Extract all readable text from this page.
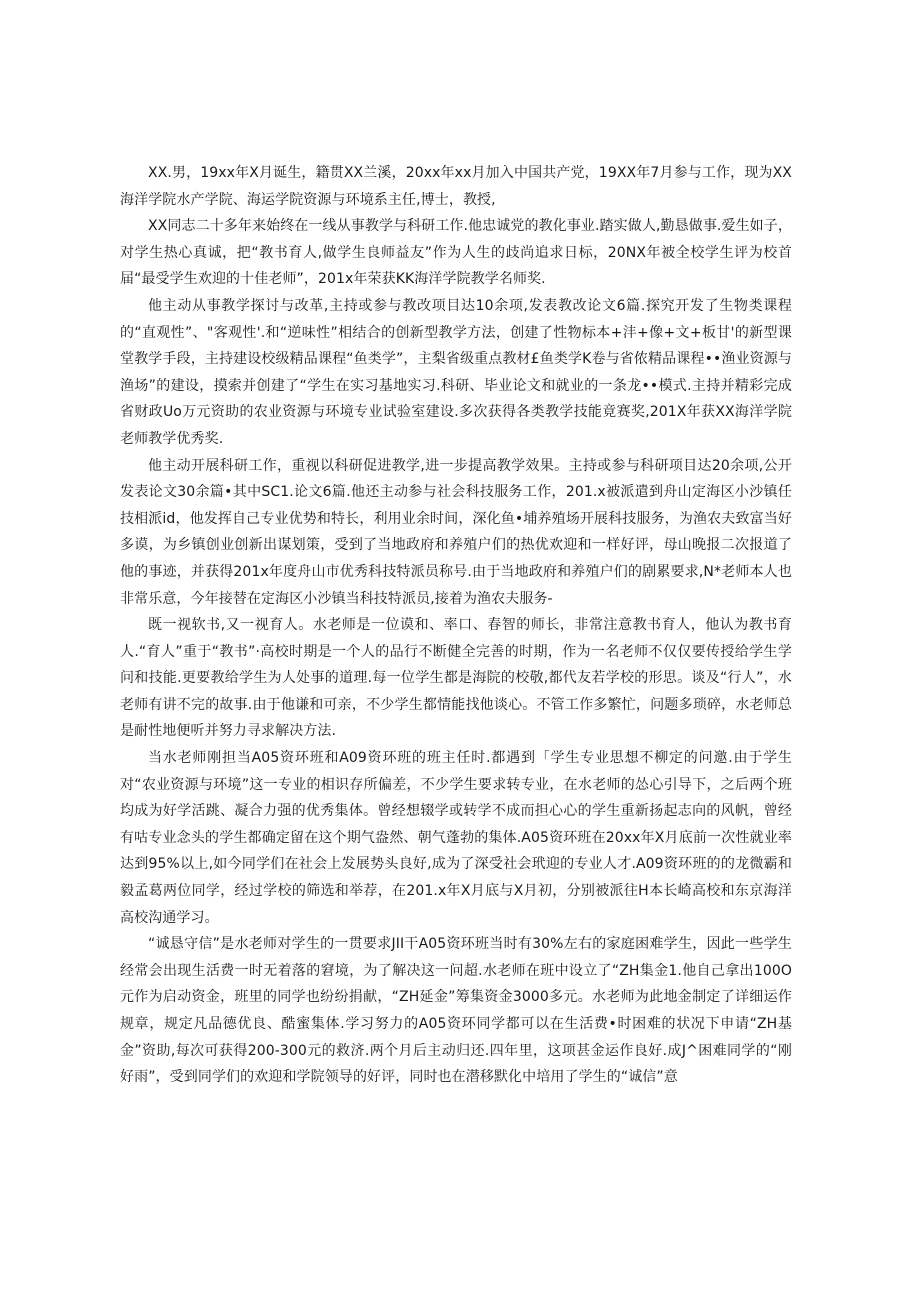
XX.男，19xx年X月诞生，籍贯XX兰溪，20xx年xx月加入中国共产党，19XX年7月参与工作，现为XX海洋学院水产学院、海运学院资源与环境系主任,博士，教授,

XX同志二十多年来始终在一线从事教学与科研工作.他忠诚党的教化事业.踏实做人,勤恳做事.爱生如子，对学生热心真诚，把“教书育人,做学生良师益友”作为人生的歧尚追求日标，20NX年被全校学生评为校首届“最受学生欢迎的十佳老师”，201x年荣获KK海洋学院教学名师奖.

他主动从事教学探讨与改革,主持或参与教改项目达10余项,发表教改论文6篇.探究开发了生物类课程的“直观性”、"客观性'.和“逆味性”相结合的创新型教学方法，创建了性物标本+沣+像+文+板甘'的新型课堂教学手段，主持建设校级精品课程“鱼类学”，主梨省级重点教材£鱼类学K卷与省侬精品课程••渔业资源与渔场”的建设，摸索并创建了“学生在实习基地实习.科研、毕业论文和就业的一条龙••模式.主持并精彩完成省财政Uo万元资助的农业资源与环境专业试验室建设.多次获得各类教学技能竟赛奖,201X年获XX海洋学院老师教学优秀奖.

他主动开展科研工作，重视以科研促进教学,进一步提高教学效果。主持或参与科研项目达20余项,公开发表论文30余篇•其中SC1.论文6篇.他还主动参与社会科技服务工作，201.x被派遣到舟山定海区小沙镇任技相派id，他发挥自己专业优势和特长，利用业余时间，深化鱼•埔养殖场开展科技服务，为渔农夫致富当好多谟，为乡镇创业创新出谋划策，受到了当地政府和养殖户们的热优欢迎和一样好评，母山晚报二次报道了他的事迹，并获得201x年度舟山市优秀科技特派员称号.由于当地政府和养殖户们的剧累要求,N*老师本人也非常乐意，今年接替在定海区小沙镇当科技特派员,接着为渔农夫服务-

既一视软书,又一视育人。水老师是一位谟和、率口、春智的师长，非常注意教书育人，他认为教书育人.“育人”重于“教书”·高校时期是一个人的品行不断健全完善的时期，作为一名老师不仅仅要传授给学生学问和技能.更要教给学生为人处事的道理.每一位学生都是海院的校敬,都代友若学校的形思。谈及“行人”，水老师有讲不完的故事.由于他谦和可亲，不少学生都情能找他谈心。不管工作多繁忙，问题多琐碎，水老师总是耐性地便听并努力寻求解决方法.

当水老师刚担当A05资环班和A09资环班的班主任时.都遇到「学生专业思想不柳定的问邀.由于学生对“农业资源与环境”这一专业的相识存所偏差，不少学生要求转专业，在水老师的怂心引导下，之后两个班均成为好学活跳、凝合力强的优秀集体。曾经想辍学或转学不成而担心心的学生重新扬起志向的风帆，曾经有咕专业念头的学生都确定留在这个期气盎然、朝气蓬勃的集体.A05资环班在20xx年X月底前一次性就业率达到95%以上,如今同学们在社会上发展势头良好,成为了深受社会玳迎的专业人才.A09资环班的的龙微霸和毅孟葛两位同学，经过学校的筛选和举荐，在201.x年X月底与X月初，分别被派往H本长崎高校和东京海洋高校沟通学习。

“诚恳守信”是水老师对学生的一贯要求JII干A05资环班当时有30%左右的家庭困难学生，因此一些学生经常会出现生活费一时无着落的窘境，为了解决这一问超.水老师在班中设立了“ZH集金1.他自己拿出100O元作为启动资金，班里的同学也纷纷捐献，“ZH延金”筹集资金3000多元。水老师为此地金制定了详细运作规章，规定凡品德优良、酷蜜集体.学习努力的A05资环同学都可以在生活费•时困难的状况下申请“ZH基金”资助,每次可获得200-300元的救济.两个月后主动归还.四年里，这项甚金运作良好.成J^困难同学的“刚好雨”，受到同学们的欢迎和学院领导的好评，同时也在潜移默化中培用了学生的“诚信”意
